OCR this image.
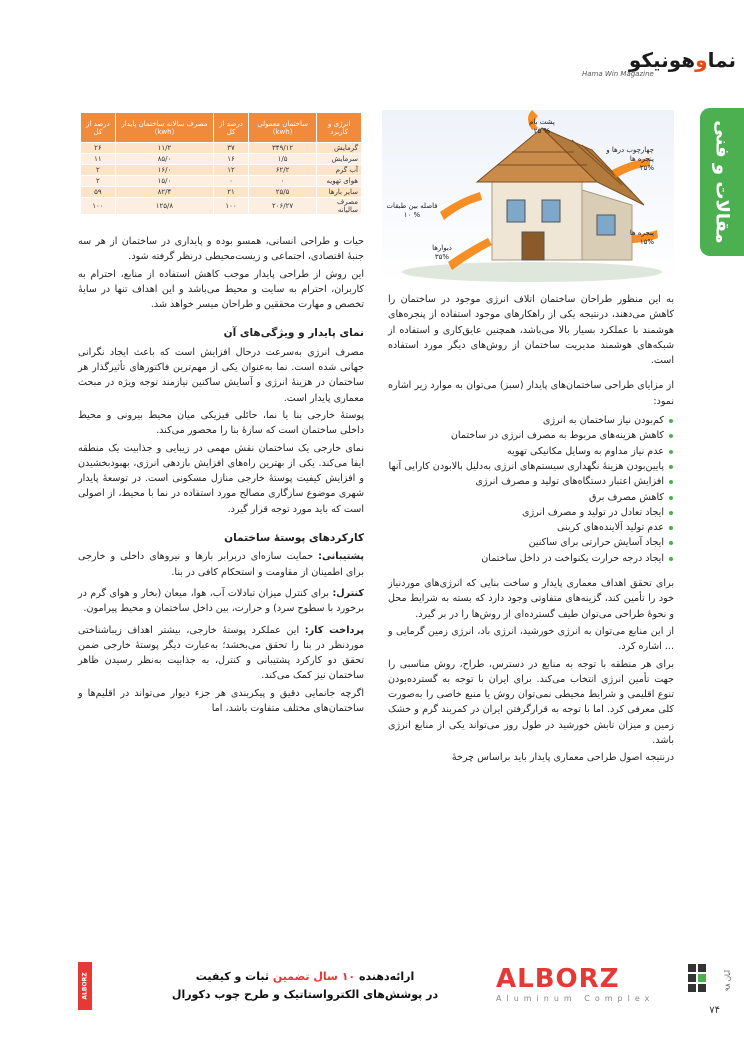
نماوهونیکو
Hama Win Magazine
مقالات و فنی
پشت بام ۲۵ %
چهارچوب درها و پنجره ها ۲۵%
فاصله بین طبقات ۱۰ %
دیوارها ۳۵%
پنجره ها ۱۵%
انرژی و کاربرد	ساختمان معمولی (kwh)	درصد از کل	مصرف سالانه ساختمان پایدار (kwh)	درصد از کل
گرمایش	۳۴۹/۱۲	۳۷	۱۱/۲	۲۶
سرمایش	۱/۵	۱۶	۸۵/۰	۱۱
آب گرم	۶۲/۲	۱۲	۱۶/۰	۲
هوای تهویه	۰	۰	۱۵/۰	۲
سایر بارها	۲۵/۵	۲۱	۸۲/۴	۵۹
مصرف سالیانه	۲۰۶/۲۷	۱۰۰	۱۲۵/۸	۱۰۰

حیات و طراحی انسانی، همسو بوده و پایداری در ساختمان از هر سه جنبۀ اقتصادی، اجتماعی و زیست‌محیطی درنظر گرفته شود.

این روش از طراحی پایدار موجب کاهش استفاده از منابع، احترام به کاربران، احترام به سایت و محیط می‌باشد و این اهداف تنها در سایۀ تخصص و مهارت محققین و طراحان میسر خواهد شد.

نمای پایدار و ویژگی‌های آن

مصرف انرژی به‌سرعت درحال افزایش است که باعث ایجاد نگرانی جهانی شده است. نما به‌عنوان یکی از مهم‌ترین فاکتورهای تأثیرگذار هر ساختمان در هزینۀ انرژی و آسایش ساکنین نیازمند توجه ویژه در مبحث معماری پایدار است.

پوستۀ خارجی بنا یا نما، حائلی فیزیکی میان محیط بیرونی و محیط داخلی ساختمان است که سازۀ بنا را محصور می‌کند.

نمای خارجی یک ساختمان نقش مهمی در زیبایی و جذابیت یک منطقه ایفا می‌کند. یکی از بهترین راه‌های افزایش بازدهی انرژی، بهبودبخشیدن و افزایش کیفیت پوستۀ خارجی منازل مسکونی است. در توسعۀ پایدار شهری موضوع سازگاری مصالح مورد استفاده در نما با محیط، از اصولی است که باید مورد توجه قرار گیرد.

کارکردهای پوستۀ ساختمان

پشتیبانی: حمایت سازه‌ای دربرابر بارها و نیروهای داخلی و خارجی برای اطمینان از مقاومت و استحکام کافی در بنا.

کنترل: برای کنترل میزان تبادلات آب، هوا، میعان (بخار و هوای گرم در برخورد با سطوح سرد) و حرارت، بین داخل ساختمان و محیط پیرامون.

پرداخت کار: این عملکرد پوستۀ خارجی، بیشتر اهداف زیباشناختی موردنظر در بنا را تحقق می‌بخشد؛ به‌عبارت دیگر پوستۀ خارجی ضمن تحقق دو کارکرد پشتیبانی و کنترل، به جذابیت به‌نظر رسیدن ظاهر ساختمان نیز کمک می‌کند.

اگرچه جانمایی دقیق و پیکربندی هر جزء دیوار می‌تواند در اقلیم‌ها و ساختمان‌های مختلف متفاوت باشد، اما

به این منظور طراحان ساختمان اتلاف انرژی موجود در ساختمان را کاهش می‌دهند، درنتیجه یکی از راهکارهای موجود استفاده از پنجره‌های هوشمند با عملکرد بسیار بالا می‌باشد، همچنین عایق‌کاری و استفاده از شبکه‌های هوشمند مدیریت ساختمان از روش‌های دیگر مورد استفاده است.

از مزایای طراحی ساختمان‌های پایدار (سبز) می‌توان به موارد زیر اشاره نمود:

کم‌بودن نیاز ساختمان به انرژی
کاهش هزینه‌های مربوط به مصرف انرژی در ساختمان
عدم نیاز مداوم به وسایل مکانیکی تهویه
پایین‌بودن هزینۀ نگهداری سیستم‌های انرژی به‌دلیل بالابودن کارایی آنها
افزایش اعتبار دستگاه‌های تولید و مصرف انرژی
کاهش مصرف برق
ایجاد تعادل در تولید و مصرف انرژی
عدم تولید آلاینده‌های کربنی
ایجاد آسایش حرارتی برای ساکنین
ایجاد درجه حرارت یکنواخت در داخل ساختمان

برای تحقق اهداف معماری پایدار و ساخت بنایی که انرژی‌های موردنیاز خود را تأمین کند، گزینه‌های متفاوتی وجود دارد که بسته به شرایط محل و نحوۀ طراحی می‌توان طیف گسترده‌ای از روش‌ها را در بر گیرد.

از این منابع می‌توان به انرژی خورشید، انرژی باد، انرژی زمین گرمایی و ... اشاره کرد.

برای هر منطقه با توجه به منابع در دسترس، طراح، روش مناسبی را جهت تأمین انرژی انتخاب می‌کند. برای ایران با توجه به گسترده‌بودن تنوع اقلیمی و شرایط محیطی نمی‌توان روش یا منبع خاصی را به‌صورت کلی معرفی کرد. اما با توجه به قرارگرفتن ایران در کمربند گرم و خشک زمین و میزان تابش خورشید در طول روز می‌تواند یکی از منابع انرژی باشد.

درنتیجه اصول طراحی معماری پایدار باید براساس چرخۀ

ALBORZ	ارائه‌دهنده ۱۰ سال تضمین ثبات و کیفیت
در پوشش‌های الکترواستاتیک و طرح چوب دکورال
ALBORZ
Aluminum Complex
آبان ۹۸
۷۴
